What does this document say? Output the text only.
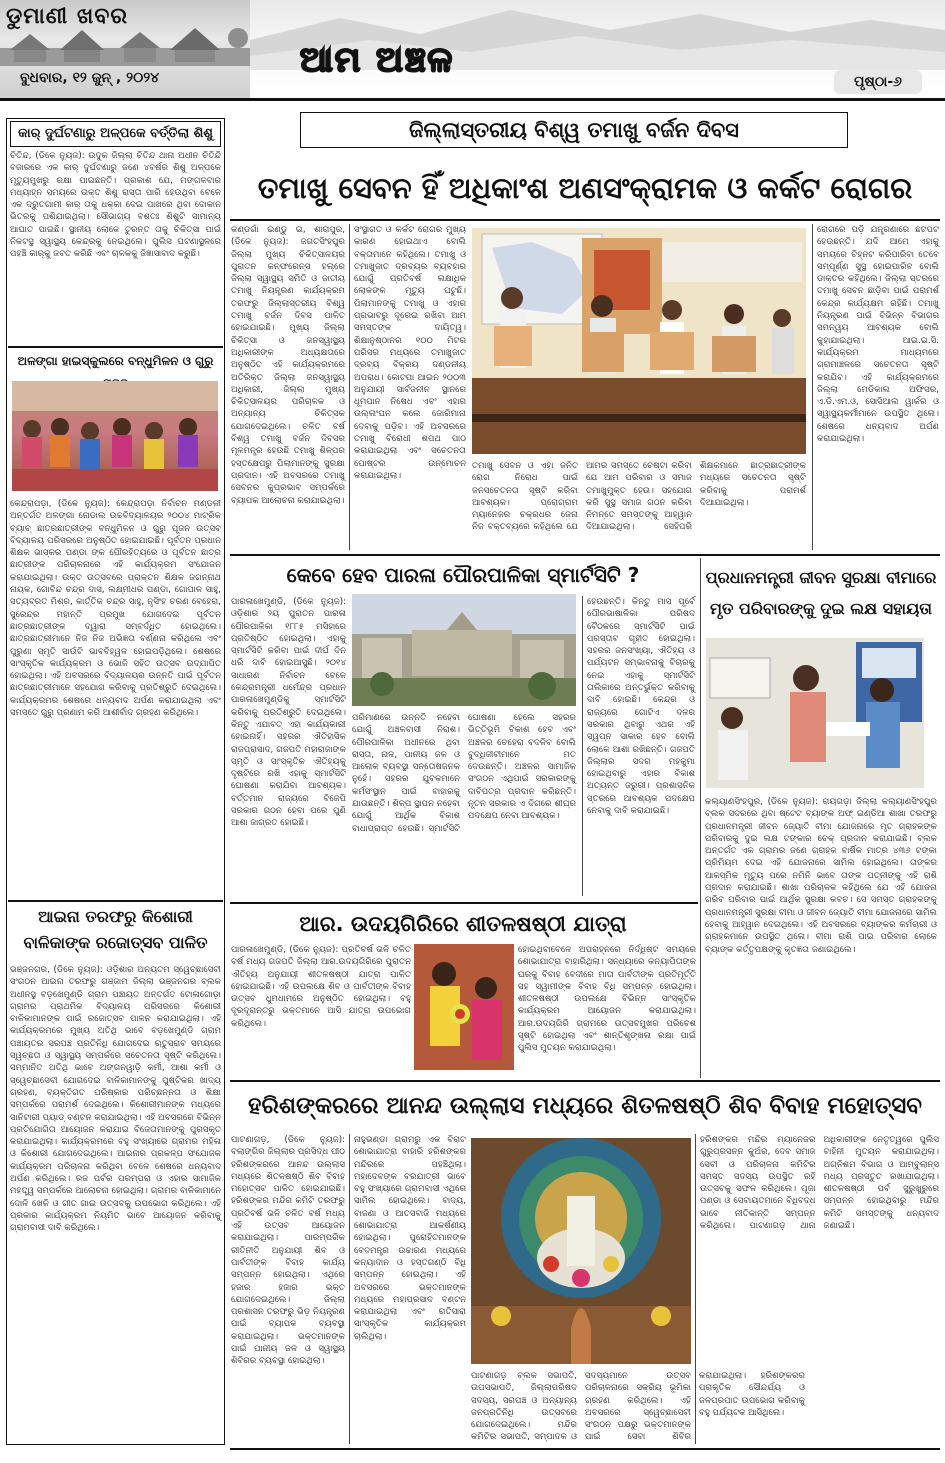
ଡୁମାଣୀ ଖବର
ବୁଧବାର, ୧୨ ଜୁନ୍ , ୨୦୨୪	ଆମ ଅଞ୍ଚଳ
ପୃଷ୍ଠା-୬
କାର୍ ଦୁର୍ଘଟଣାରୁ ଅଳ୍ପକେ ବର୍ତ୍ତିଲା ଶିଶୁ
ଚିତିନ୍ଦ, (ଡିକେ ନ୍ୟୁଜ): ଉଦୁକ ଜିଲ୍ଲା ଚିତିନ୍ଦ ଥାନା ଅଧୀନ ଚିତିନ୍ଦି ବଜାରରେ ଏକ କାର୍ ଦୁର୍ଘଟଣାରୁ ଜଣେ ୪ବର୍ଷର ଶିଶୁ ଅଳ୍ପକେ ମୃତ୍ୟୁମୁଖରୁ ରକ୍ଷା ପାଇଛନ୍ତି। ପ୍ରକାଶ ଯେ, ମଙ୍ଗଳବାର ମଧ୍ୟାହ୍ନ ସମୟରେ ଉକ୍ତ ଶିଶୁ ରାସ୍ତା ପାରି ହେଉଥିବା ବେଳେ ଏକ ଦ୍ରୁତଗାମୀ କାର୍ ତାକୁ ଧକ୍କା ଦେଇ ପାଖରେ ଥିବା ଦୋକାନ ଭିତରକୁ ପଶିଯାଇଥିଲା। ସୌଭାଗ୍ୟ ବଶତଃ ଶିଶୁଟି ସାମାନ୍ୟ ଆଘାତ ପାଇଛି। ସ୍ଥାନୀୟ ଲୋକେ ତୁରନ୍ତ ତାକୁ ଚିକିତ୍ସା ପାଇଁ ନିକଟସ୍ଥ ସ୍ୱାସ୍ଥ୍ୟ କେନ୍ଦ୍ରକୁ ନେଇଥିଲେ। ପୁଲିସ ଘଟଣାସ୍ଥଳରେ ପହଞ୍ଚି କାର୍‌କୁ ଜବତ କରିଛି ଏବଂ ଚାଳକକୁ ଜିଜ୍ଞାସାବାଦ କରୁଛି।
ଅଳଙ୍ଗା ହାଇସ୍କୁଲରେ ବନ୍ଧୁମିଳନ ଓ ଗୁରୁ
କେନ୍ଦ୍ରାପଡ଼ା, (ଡିକେ ନ୍ୟୁଜ): କେନ୍ଦ୍ରାପଡ଼ା ନିର୍ବାଚନ ମଣ୍ଡଳୀ ଅନ୍ତର୍ଗତ ଅଳଙ୍ଗା ନୋଡାଲ ଉଚ୍ଚବିଦ୍ୟାଳୟର ୨୦୦୪ ମାଟ୍ରିକ ବ୍ୟାଚ୍ ଛାତ୍ରଛାତ୍ରୀଙ୍କ ବନ୍ଧୁମିଳନ ଓ ଗୁରୁ ପୂଜନ ଉତ୍ସବ ବିଦ୍ୟାଳୟ ପରିସରରେ ଅନୁଷ୍ଠିତ ହୋଇଯାଇଛି। ପୂର୍ବତନ ପ୍ରଧାନ ଶିକ୍ଷକ ଭାସ୍କର ପଣ୍ଡା ଙ୍କ ପୌରହିତ୍ୟରେ ଓ ପୂର୍ବତନ ଛାତ୍ର ଛାତ୍ରୀଙ୍କ ପରିଚାଳନାରେ ଏହି କାର୍ଯ୍ୟକ୍ରମ ସଂଯୋଜନ କରାଯାଇଥିଲା। ଉକ୍ତ ଉତ୍ସବରେ ପ୍ରାକ୍ତନ ଶିକ୍ଷକ ଜଗନ୍ନାଥ ନାୟକ, ଗୋବିନ୍ଦ ଚନ୍ଦ୍ର ଦାସ, ଲକ୍ଷ୍ମୀଧର ପଣ୍ଡା, ଗୋପାଳ ସାହୁ, ସତ୍ୟବ୍ରତ ମିଶ୍ର, କାର୍ତ୍ତିକ ଚନ୍ଦ୍ର ସାହୁ, ନୃସିଂହ ଚରଣ ବେହେରା, ସୁରେନ୍ଦ୍ର ମହାନ୍ତି ପ୍ରମୁଖ ଯୋଗଦେଇ ପୂର୍ବତନ ଛାତ୍ରଛାତ୍ରୀଙ୍କ ଦ୍ୱାରା ସମ୍ବର୍ଦ୍ଧିତ ହୋଇଥିଲେ। ଛାତ୍ରଛାତ୍ରୀମାନେ ନିଜ ନିଜ ଅଭିଜ୍ଞତା ବର୍ଣ୍ଣନା କରିଥିଲେ ଏବଂ ପୁରୁଣା ସ୍ମୃତି ସାଉଁଟି ଭାବବିହ୍ୱଳ ହୋଇପଡ଼ିଥିଲେ। ଶେଷରେ ସାଂସ୍କୃତିକ କାର୍ଯ୍ୟକ୍ରମ ଓ ଭୋଜି ସହିତ ଉତ୍ସବ ଉଦ୍‌ଯାପିତ ହୋଇଥିଲା। ଏହି ଅବସରରେ ବିଦ୍ୟାଳୟର ଉନ୍ନତି ପାଇଁ ପୂର୍ବତନ ଛାତ୍ରଛାତ୍ରୀମାନେ ସହଯୋଗ କରିବାକୁ ପ୍ରତିଶ୍ରୁତି ଦେଇଥିଲେ। କାର୍ଯ୍ୟକ୍ରମର ଶେଷରେ ଧନ୍ୟବାଦ ଅର୍ପଣ କରାଯାଇଥିଲା ଏବଂ ସମସ୍ତେ ଗୁରୁ ପ୍ରଣାମ କରି ଆଶୀର୍ବାଦ ଗ୍ରହଣ କରିଥିଲେ।
ଆଇନା ତରଫରୁ କିଶୋରୀ ବାଳିକାଙ୍କ ରଜୋତ୍ସବ ପାଳିତ
ଭଞ୍ଜନଗର, (ଡିକେ ନ୍ୟୁଜ): ଓଡ଼ିଶାର ଅନ୍ୟତମ ସ୍ୱେଚ୍ଛାସେବୀ ସଂଗଠନ ଆଇନା ତରଫରୁ ଗଞ୍ଜାମ ଜିଲ୍ଲା ଭଞ୍ଜନଗର ବ୍ଲକ ଅଧୀନସ୍ଥ ବଡ଼ଖେମୁଣ୍ଡି ଗ୍ରାମ ପଞ୍ଚାୟତ ଅନ୍ତର୍ଗତ ଟୋଳାଗୋଡ଼ା ଗ୍ରାମର ପ୍ରାଥମିକ ବିଦ୍ୟାଳୟ ପରିସରରେ କିଶୋରୀ ବାଳିକାମାନଙ୍କ ପାଇଁ ରଜୋତ୍ସବ ପାଳନ କରାଯାଇଥିଲା। ଏହି କାର୍ଯ୍ୟକ୍ରମରେ ମୁଖ୍ୟ ଅତିଥି ଭାବେ ବଡ଼ଖେମୁଣ୍ଡି ଗ୍ରାମ ପଞ୍ଚାୟତର ସରପଞ୍ଚ ପ୍ରତିନିଧି ଯୋଗଦେଇ ଋତୁସ୍ରାବ ସମୟରେ ସ୍ୱଚ୍ଛତା ଓ ସ୍ୱାସ୍ଥ୍ୟ ସମ୍ପର୍କରେ ସଚେତନତା ସୃଷ୍ଟି କରିଥିଲେ। ସମ୍ମାନିତ ଅତିଥି ଭାବେ ଅଙ୍ଗନୱାଡ଼ି କର୍ମୀ, ଆଶା କର୍ମୀ ଓ ସ୍ୱେଚ୍ଛାସେବୀ ଯୋଗଦେଇ ବାଳିକାମାନଙ୍କୁ ପୁଷ୍ଟିକର ଖାଦ୍ୟ ଗ୍ରହଣ, ବ୍ୟକ୍ତିଗତ ପରିଷ୍କାର ପରିଚ୍ଛନ୍ନତା ଓ ଶିକ୍ଷା ସମ୍ପର୍କରେ ପରାମର୍ଶ ଦେଇଥିଲେ। କିଶୋରୀମାନଙ୍କ ମଧ୍ୟରେ ସାନିଟାରୀ ପ୍ୟାଡ୍ ବଣ୍ଟନ କରାଯାଇଥିଲା। ଏହି ଅବସରରେ ବିଭିନ୍ନ ପ୍ରତିଯୋଗିତା ଆୟୋଜନ କରାଯାଇ ବିଜେତାମାନଙ୍କୁ ପୁରସ୍କୃତ କରାଯାଇଥିଲା। କାର୍ଯ୍ୟକ୍ରମରେ ବହୁ ସଂଖ୍ୟାରେ ଗ୍ରାମର ମହିଳା ଓ କିଶୋରୀ ଯୋଗଦେଇଥିଲେ। ଆଇନାର ପ୍ରକଳ୍ପ ସଂଯୋଜକ କାର୍ଯ୍ୟକ୍ରମ ପରିଚାଳନା କରିଥିବା ବେଳେ ଶେଷରେ ଧନ୍ୟବାଦ ଅର୍ପଣ କରିଥିଲେ। ରଜ ପର୍ବର ପରମ୍ପରା ଓ ଏହାର ସାମାଜିକ ମହତ୍ତ୍ୱ ସମ୍ପର୍କରେ ଆଲୋଚନା ହୋଇଥିଲା। ଗ୍ରାମର ବାଳିକାମାନେ ଦୋଳି ଖେଳି ଓ ଗୀତ ଗାଇ ଉତ୍ସବକୁ ଉପଭୋଗ କରିଥିଲେ। ଏହି ପ୍ରକାର କାର୍ଯ୍ୟକ୍ରମ ନିୟମିତ ଭାବେ ଆୟୋଜନ କରିବାକୁ ଗ୍ରାମବାସୀ ଦାବି କରିଥିଲେ।
ଜିଲ୍ଲାସ୍ତରୀୟ ବିଶ୍ୱ ତମାଖୁ ବର୍ଜନ ଦିବସ
ତମାଖୁ ସେବନ ହିଁ ଅଧିକାଂଶ ଅଣସଂକ୍ରାମକ ଓ କର୍କଟ ରୋଗର
କଣ୍ଡଗାଁ ଇଣ୍ଡୁ ଇ, ଶାରାପୁର, (ଡିକେ ନ୍ୟୁଜ): ଜଗତସିଂହପୁର ଜିଲ୍ଲା ମୁଖ୍ୟ ଚିକିତ୍ସାଳୟର ପୁରାତନ କନ୍‌ଫରେନ୍ସ ହଲ୍‌ରେ ଜିଲ୍ଲା ସ୍ୱାସ୍ଥ୍ୟ ସମିତି ଓ ଜାତୀୟ ତମାଖୁ ନିୟନ୍ତ୍ରଣ କାର୍ଯ୍ୟକ୍ରମ ତରଫରୁ ଜିଲ୍ଲାସ୍ତରୀୟ ବିଶ୍ୱ ତମାଖୁ ବର୍ଜନ ଦିବସ ପାଳିତ ହୋଇଯାଇଛି। ମୁଖ୍ୟ ଜିଲ୍ଲା ଚିକିତ୍ସା ଓ ଜନସ୍ୱାସ୍ଥ୍ୟ ଅଧିକାରୀଙ୍କ ଅଧ୍ୟକ୍ଷତାରେ ଅନୁଷ୍ଠିତ ଏହି କାର୍ଯ୍ୟକ୍ରମରେ ଅତିରିକ୍ତ ଜିଲ୍ଲା ଜନସ୍ୱାସ୍ଥ୍ୟ ଅଧିକାରୀ, ଜିଲ୍ଲା ମୁଖ୍ୟ ଚିକିତ୍ସାଳୟର ପରିଚାଳକ ଓ ଅନ୍ୟାନ୍ୟ ଚିକିତ୍ସକ ଯୋଗଦେଇଥିଲେ। ଚଳିତ ବର୍ଷ ବିଶ୍ୱ ତମାଖୁ ବର୍ଜନ ଦିବସର ମୂଳମନ୍ତ୍ର ହେଉଛି ତମାଖୁ ଶିଳ୍ପର ହସ୍ତକ୍ଷେପରୁ ପିଲାମାନଙ୍କୁ ସୁରକ୍ଷା ପ୍ରଦାନ। ଏହି ଅବସରରେ ତମାଖୁ ସେବନର କୁପ୍ରଭାବ ସମ୍ପର୍କରେ ବ୍ୟାପକ ଆଲୋଚନା କରାଯାଇଥିଲା।
ସଂସ୍ଥାଗତ ଓ କର୍କଟ ରୋଗର ମୁଖ୍ୟ କାରଣ ହୋଇଥାଏ ବୋଲି ବକ୍ତାମାନେ କହିଥିଲେ। ତମାଖୁ ଓ ତମାଖୁଜାତ ଦ୍ରବ୍ୟର ବ୍ୟବହାର ଯୋଗୁଁ ପ୍ରତିବର୍ଷ ଲକ୍ଷାଧିକ ଲୋକଙ୍କ ମୃତ୍ୟୁ ଘଟୁଛି। ପିଲାମାନଙ୍କୁ ତମାଖୁ ଓ ଏହାର ପ୍ରଭାବରୁ ଦୂରେଇ ରଖିବା ଆମ ସମସ୍ତଙ୍କ ଦାୟିତ୍ୱ। ଶିକ୍ଷାନୁଷ୍ଠାନର ୧୦୦ ମିଟର ପରିସର ମଧ୍ୟରେ ତମାଖୁଜାତ ଦ୍ରବ୍ୟ ବିକ୍ରୟ ଦଣ୍ଡନୀୟ ଅପରାଧ। କୋଟପା ଆଇନ ୨୦୦୩ ଅନୁଯାୟୀ ସାର୍ବଜନୀନ ସ୍ଥାନରେ ଧୂମପାନ ନିଷେଧ ଏବଂ ଏହାର ଉଲ୍ଲଂଘନ କଲେ ଜୋରିମାନା ଦେବାକୁ ପଡ଼ିବ। ଏହି ଅବସରରେ ତମାଖୁ ବିରୋଧୀ ଶପଥ ପାଠ କରାଯାଇଥିଲା ଏବଂ ସଚେତନତା ପୋଷ୍ଟର ଉନ୍ମୋଚନ କରାଯାଇଥିଲା।
ରୋଗରେ ପଡ଼ି ଯନ୍ତ୍ରଣାରେ ଛଟପଟ ହେଉଛନ୍ତି। ଯଦି ଆମେ ଏହାକୁ ସମୟରେ ଚିହ୍ନଟ କରିପାରିବା ତେବେ ସମ୍ପୂର୍ଣ୍ଣ ସୁସ୍ଥ ହୋଇପାରିବ ବୋଲି ଡାକ୍ତର କହିଥିଲେ। ଜିଲ୍ଲା ସ୍ତରରେ ତମାଖୁ ସେବନ ଛାଡ଼ିବା ପାଇଁ ପରାମର୍ଶ କେନ୍ଦ୍ର କାର୍ଯ୍ୟକ୍ଷମ ରହିଛି। ତମାଖୁ ନିୟନ୍ତ୍ରଣ ପାଇଁ ବିଭିନ୍ନ ବିଭାଗର ସମନ୍ୱୟ ଆବଶ୍ୟକ ବୋଲି କୁହାଯାଇଥିଲା। ଆଇ.ଇ.ସି. କାର୍ଯ୍ୟକ୍ରମ ମାଧ୍ୟମରେ ଗ୍ରାମାଞ୍ଚଳରେ ସଚେତନତା ସୃଷ୍ଟି କରାଯିବ। ଏହି କାର୍ଯ୍ୟକ୍ରମରେ ଜିଲ୍ଲା ମେଡିକାଲ ଅଫିସର, ଏ.ଡି.ଏମ.ଓ, ସୋସିଆଲ ୱାର୍କର ଓ ସ୍ୱାସ୍ଥ୍ୟକର୍ମୀମାନେ ଉପସ୍ଥିତ ଥିଲେ। ଶେଷରେ ଧନ୍ୟବାଦ ଅର୍ପଣ କରାଯାଇଥିଲା।
ତମାଖୁ ସେବନ ଓ ଏହା ଜନିତ ରୋଗ ନିରୋଧ ପାଇଁ ଜନସଚେତନତା ସୃଷ୍ଟି କରିବା ଆବଶ୍ୟକ। ପ୍ରୋଗ୍ରାମ ମ୍ୟାନେଜର ଚକ୍ରଧର ଜେନା ନିଜ ବକ୍ତବ୍ୟରେ କହିଥିଲେ ଯେ ଆମର ସମସ୍ତେ ଚେଷ୍ଟା କରିବା ଯେ ଆମ ପରିବାର ଓ ସମାଜ ତମାଖୁମୁକ୍ତ ହେଉ। ସହଯୋଗ କରି ସୁସ୍ଥ ସମାଜ ଗଠନ କରିବା ନିମନ୍ତେ ସମସ୍ତଙ୍କୁ ଆହ୍ୱାନ ଦିଆଯାଇଥିଲା। ସେହିପରି ଶିକ୍ଷକମାନେ ଛାତ୍ରଛାତ୍ରୀଙ୍କ ମଧ୍ୟରେ ସଚେତନତା ସୃଷ୍ଟି କରିବାକୁ ପରାମର୍ଶ ଦିଆଯାଇଥିଲା।
କେବେ ହେବ ପାରଳା ପୌରପାଳିକା ସ୍ମାର୍ଟସିଟି ?
ପାରଳାଖେମୁଣ୍ଡି, (ଡିକେ ନ୍ୟୁଜ): ଓଡ଼ିଶାର ୨ୟ ପୁରାତନ ପାରଳା ପୌରପାଳିକା ୧୮୮୫ ମସିହାରେ ପ୍ରତିଷ୍ଠିତ ହୋଇଥିଲା। ଏହାକୁ ସ୍ମାର୍ଟସିଟି କରିବା ପାଇଁ ଦୀର୍ଘ ଦିନ ଧରି ଦାବି ହୋଇଆସୁଛି। ୨୦୧୪ ସାଧାରଣ ନିର୍ବାଚନ ବେଳେ କେନ୍ଦ୍ରମନ୍ତ୍ରୀ ଧର୍ମେନ୍ଦ୍ର ପ୍ରଧାନ ପାରଳାଖେମୁଣ୍ଡିକୁ ସ୍ମାର୍ଟସିଟି କରିବାକୁ ପ୍ରତିଶ୍ରୁତି ଦେଇଥିଲେ। କିନ୍ତୁ ଏଯାବତ୍ ଏହା କାର୍ଯ୍ୟକାରୀ ହୋଇନାହିଁ। ସହରର ଐତିହାସିକ ରାଜପ୍ରାସାଦ, ଗଜପତି ମହାରାଜାଙ୍କ ସ୍ମୃତି ଓ ସାଂସ୍କୃତିକ ଐତିହ୍ୟକୁ ଦୃଷ୍ଟିରେ ରଖି ଏହାକୁ ସ୍ମାର୍ଟସିଟି ଘୋଷଣା କରାଯିବା ଆବଶ୍ୟକ। ବର୍ତ୍ତମାନ ରାଜ୍ୟରେ ବିଜେପି ସରକାର ଗଠନ ହେବା ପରେ ପୁଣି ଆଶା ଜାଗ୍ରତ ହୋଇଛି।
ପରିମାଣରେ ଉନ୍ନତି ନହେବା ଯୋଗୁଁ ଅଞ୍ଚଳବାସୀ ନିରାଶ। ପୌରପାଳିକା ଅଧୀନରେ ଥିବା ରାସ୍ତା, ନାଳ, ପାନୀୟ ଜଳ ଓ ଆଲୋକ ବ୍ୟବସ୍ଥା ସନ୍ତୋଷଜନକ ନୁହେଁ। ସହରର ଯୁବକମାନେ କର୍ମସଂସ୍ଥାନ ପାଇଁ ବାହାରକୁ ଯାଉଛନ୍ତି। ଶିଳ୍ପ ସ୍ଥାପନ ନହେବା ଯୋଗୁଁ ଆର୍ଥିକ ବିକାଶ ବାଧାପ୍ରାପ୍ତ ହେଉଛି। ସ୍ମାର୍ଟସିଟି ଘୋଷଣା ହେଲେ ସହରର ଭିତ୍ତିଭୂମି ବିକାଶ ହେବ ଏବଂ ଅଞ୍ଚଳର ଚେହେରା ବଦଳିବ ବୋଲି ବୁଦ୍ଧିଜୀବୀମାନେ ମତ ଦେଉଛନ୍ତି। ଅଞ୍ଚଳର ସାମାଜିକ ସଂଗଠନ ଏଥିପାଇଁ ସରକାରଙ୍କୁ ଦାବିପତ୍ର ପ୍ରଦାନ କରିଛନ୍ତି। ନୂତନ ସରକାର ଏ ଦିଗରେ ଶୀଘ୍ର ପଦକ୍ଷେପ ନେବା ଆବଶ୍ୟକ।
ହେଉଛନ୍ତି। କିନ୍ତୁ ମାସ ପୂର୍ବେ ପୌରଭାଷାଳିକା ପରିଷଦ ବୈଠକରେ ସ୍ମାର୍ଟସିଟି ପାଇଁ ପ୍ରସ୍ତାବ ଗୃହୀତ ହୋଇଥିଲା। ସହରର ଜନସଂଖ୍ୟା, ଐତିହ୍ୟ ଓ ପର୍ଯ୍ୟଟନ ସମ୍ଭାବନାକୁ ବିଚାରକୁ ନେଇ ଏହାକୁ ସ୍ମାର୍ଟସିଟି ତାଲିକାରେ ଅନ୍ତର୍ଭୁକ୍ତ କରିବାକୁ ଦାବି ହୋଇଛି। କେନ୍ଦ୍ର ଓ ରାଜ୍ୟରେ ଗୋଟିଏ ଦଳର ସରକାର ଥିବାରୁ ଏଥର ଏହି ସ୍ୱପ୍ନ ସାକାର ହେବ ବୋଲି ଲୋକେ ଆଶା ରଖିଛନ୍ତି। ଗଜପତି ଜିଲ୍ଲାର ସଦର ମହକୁମା ହୋଇଥିବାରୁ ଏହାର ବିକାଶ ଅତ୍ୟନ୍ତ ଜରୁରୀ। ପ୍ରଶାସନିକ ସ୍ତରରେ ଆବଶ୍ୟକ ପଦକ୍ଷେପ ନେବାକୁ ଦାବି କରାଯାଇଛି।
ପ୍ରଧାନମନ୍ତ୍ରୀ ଜୀବନ ସୁରକ୍ଷା ବୀମାରେ ମୃତ ପରିବାରଙ୍କୁ ଦୁଇ ଲକ୍ଷ ସହାୟତା
କଲ୍ୟାଣସିଂହପୁର, (ଡିକେ ନ୍ୟୁଜ): ରାୟଗଡ଼ା ଜିଲ୍ଲା କଲ୍ୟାଣସିଂହପୁର ବ୍ଲକ ସଦରରେ ଥିବା ଷ୍ଟେଟ ବ୍ୟାଙ୍କ ଅଫ୍ ଇଣ୍ଡିଆ ଶାଖା ତରଫରୁ ପ୍ରଧାନମନ୍ତ୍ରୀ ଜୀବନ ଜ୍ୟୋତି ବୀମା ଯୋଜନାରେ ମୃତ ଗ୍ରାହକଙ୍କ ପରିବାରକୁ ଦୁଇ ଲକ୍ଷ ଟଙ୍କାର ଚେକ୍ ପ୍ରଦାନ କରାଯାଇଛି। ବ୍ଲକ ଅନ୍ତର୍ଗତ ଏକ ଗ୍ରାମର ଜଣେ ଗ୍ରାହକ ବାର୍ଷିକ ମାତ୍ର ୪୩୬ ଟଙ୍କା ପ୍ରିମିୟମ ଦେଇ ଏହି ଯୋଜନାରେ ସାମିଲ ହୋଇଥିଲେ। ତାଙ୍କର ଆକସ୍ମିକ ମୃତ୍ୟୁ ପରେ ନମିନି ଭାବେ ତାଙ୍କ ପତ୍ନୀଙ୍କୁ ଏହି ରାଶି ପ୍ରଦାନ କରାଯାଇଛି। ଶାଖା ପରିଚାଳକ କହିଥିଲେ ଯେ ଏହି ଯୋଜନା ଗରିବ ପରିବାର ପାଇଁ ଆର୍ଥିକ ସୁରକ୍ଷା କବଚ। ସେ ସମସ୍ତ ଗ୍ରାହକଙ୍କୁ ପ୍ରଧାନମନ୍ତ୍ରୀ ସୁରକ୍ଷା ବୀମା ଓ ଜୀବନ ଜ୍ୟୋତି ବୀମା ଯୋଜନାରେ ସାମିଲ ହେବାକୁ ଆହ୍ୱାନ ଦେଇଥିଲେ। ଏହି ଅବସରରେ ବ୍ୟାଙ୍କର କର୍ମଚାରୀ ଓ ଗ୍ରାହକମାନେ ଉପସ୍ଥିତ ଥିଲେ। ବୀମା ରାଶି ପାଇ ପରିବାର ଲୋକେ ବ୍ୟାଙ୍କ କର୍ତ୍ତୃପକ୍ଷଙ୍କୁ କୃତଜ୍ଞତା ଜଣାଇଥିଲେ।
ଆର. ଉଦୟଗିରିରେ ଶୀତଳଷଷ୍ଠୀ ଯାତ୍ରା
ପାରଳାଖେମୁଣ୍ଡି, (ଡିକେ ନ୍ୟୁଜ): ପ୍ରତିବର୍ଷ ଭଳି ଚଳିତ ବର୍ଷ ମଧ୍ୟ ଗଜପତି ଜିଲ୍ଲା ଆର.ଉଦୟଗିରିରେ ପୁରାତନ ଐତିହ୍ୟ ଅନୁଯାୟୀ ଶୀତଳଷଷ୍ଠୀ ଯାତ୍ରା ପାଳିତ ହୋଇଯାଇଛି। ଏହି ଉପଲକ୍ଷେ ଶିବ ଓ ପାର୍ବତୀଙ୍କ ବିବାହ ଉତ୍ସବ ଧୁମଧାମରେ ଅନୁଷ୍ଠିତ ହୋଇଥିଲା। ବହୁ ଦୂରଦୂରାନ୍ତରୁ ଭକ୍ତମାନେ ଆସି ଯାତ୍ରା ଉପଭୋଗ କରିଥିଲେ।
ହୋଇଥିବାବେଳେ ଅପରାହ୍ନରେ ନିର୍ଦ୍ଧିଷ୍ଟ ସମୟରେ ଶୋଭାଯାତ୍ରା ବାହାରିଥିଲା। ସନ୍ଧ୍ୟାରେ କନ୍ୟାପିତାଙ୍କ ଘରକୁ ବିବାହ ବେଦୀରେ ମାତା ପାର୍ବତୀଙ୍କ ପ୍ରତିମୂର୍ତ୍ତି ସହ ସ୍ୱାମୀଙ୍କ ବିବାହ ବିଧି ସମ୍ପନ୍ନ ହୋଇଥିଲା। ଶୀତଳଷଷ୍ଠୀ ଉପଲକ୍ଷେ ବିଭିନ୍ନ ସାଂସ୍କୃତିକ କାର୍ଯ୍ୟକ୍ରମ ଆୟୋଜନ କରାଯାଇଥିଲା। ଆର.ଉଦୟଗିରି ଗ୍ରାମରେ ଉତ୍ସବମୁଖର ପରିବେଶ ସୃଷ୍ଟି ହୋଇଥିଲା ଏବଂ ଶାନ୍ତିଶୃଙ୍ଖଳା ରକ୍ଷା ପାଇଁ ପୁଲିସ ମୁତୟନ କରାଯାଇଥିଲା।
ହରିଶଙ୍କରରେ ଆନନ୍ଦ ଉଲ୍ଲାସ ମଧ୍ୟରେ ଶିତଳଷଷ୍ଠି ଶିବ ବିବାହ ମହୋତ୍ସବ
ପାଟଣାଗଡ଼, (ଡିକେ ନ୍ୟୁଜ): ବଲାଙ୍ଗିର ଜିଲ୍ଲାର ପ୍ରସିଦ୍ଧ ପୀଠ ହରିଶଙ୍କରରେ ଆନନ୍ଦ ଉଲ୍ଲାସ ମଧ୍ୟରେ ଶିତଳଷଷ୍ଠି ଶିବ ବିବାହ ମହୋତ୍ସବ ପାଳିତ ହୋଇଯାଇଛି। ହରିଶଙ୍କର ମନ୍ଦିର କମିଟି ତରଫରୁ ପ୍ରତିବର୍ଷ ଭଳି ଚଳିତ ବର୍ଷ ମଧ୍ୟ ଏହି ଉତ୍ସବ ଆୟୋଜନ କରାଯାଇଥିଲା। ପାରମ୍ପରିକ ରୀତିନୀତି ଅନୁଯାୟୀ ଶିବ ଓ ପାର୍ବତୀଙ୍କ ବିବାହ କାର୍ଯ୍ୟ ସମ୍ପନ୍ନ ହୋଇଥିଲା। ଏଥିରେ ହଜାର ହଜାର ଭକ୍ତ ଯୋଗଦେଇଥିଲେ। ଜିଲ୍ଲା ପ୍ରଶାସନ ତରଫରୁ ଭିଡ଼ ନିୟନ୍ତ୍ରଣ ପାଇଁ ବ୍ୟାପକ ବ୍ୟବସ୍ଥା କରାଯାଇଥିଲା। ଭକ୍ତମାନଙ୍କ ପାଇଁ ପାନୀୟ ଜଳ ଓ ସ୍ୱାସ୍ଥ୍ୟ ଶିବିରର ବ୍ୟବସ୍ଥା ହୋଇଥିଲା।
ନାହୁଭଣ୍ଡା ଗ୍ରାମରୁ ଏକ ବିରାଟ ଶୋଭାଯାତ୍ରା ବାହାରି ହରିଶଙ୍କର ମନ୍ଦିରରେ ପହଞ୍ଚିଥିଲା। ମହାଦେବଙ୍କ ବରଯାତ୍ରୀ ଭାବେ ବହୁ ସଂଖ୍ୟାରେ ଗ୍ରାମବାସୀ ଏଥିରେ ସାମିଲ ହୋଇଥିଲେ। ବାଦ୍ୟ, ବାଜଣା ଓ ଆତସବାଜି ମଧ୍ୟରେ ଶୋଭାଯାତ୍ରା ଆକର୍ଷଣୀୟ ହୋଇଥିଲା। ପୁରୋହିତମାନଙ୍କ ବେଦମନ୍ତ୍ର ଉଚ୍ଚାରଣ ମଧ୍ୟରେ କନ୍ୟାଦାନ ଓ ହସ୍ତଗଣ୍ଠି ବିଧି ସମ୍ପନ୍ନ ହୋଇଥିଲା। ଏହି ଅବସରରେ ଭକ୍ତମାନଙ୍କ ମଧ୍ୟରେ ମହାପ୍ରସାଦ ବଣ୍ଟନ କରାଯାଇଥିଲା ଏବଂ ରାତିସାରା ସାଂସ୍କୃତିକ କାର୍ଯ୍ୟକ୍ରମ ଚାଲିଥିଲା।
ପାଟଣାଗଡ଼ ବ୍ଲକ ସଭାପତି, ଉପସଭାପତି, ଜିଲ୍ଲାପରିଷଦ ସଦସ୍ୟ, ସରପଞ୍ଚ ଓ ଅନ୍ୟାନ୍ୟ ଜନପ୍ରତିନିଧି ଉତ୍ସବରେ ଯୋଗଦେଇଥିଲେ। ମନ୍ଦିର କମିଟିର ସଭାପତି, ସମ୍ପାଦକ ଓ ସଦସ୍ୟମାନେ ଉତ୍ସବ ପରିଚାଳନାରେ ସକ୍ରିୟ ଭୂମିକା ଗ୍ରହଣ କରିଥିଲେ। ଏହି ଅବସରରେ ସ୍ୱେଚ୍ଛାସେବୀ ସଂଗଠନ ପକ୍ଷରୁ ଭକ୍ତମାନଙ୍କ ପାଇଁ ସେବା ଶିବିର କରାଯାଇଥିଲା। ହରିଶଙ୍କରର ପ୍ରାକୃତିକ ସୌନ୍ଦର୍ଯ୍ୟ ଓ ଜଳପ୍ରପାତ ଉପଭୋଗ କରିବାକୁ ବହୁ ପର୍ଯ୍ୟଟକ ଆସିଥିଲେ।
ହରିଶଙ୍କର ମନ୍ଦିର ମ୍ୟାନେଜର ଗୁରୁପ୍ରସନ୍ନ କୁଅଁର, ଦେବ ସମାଜ ସେବୀ ଓ ପରିଚାଳନା କମିଟିର ସମସ୍ତ ସଦସ୍ୟ ଉପସ୍ଥିତ ରହି ଉତ୍ସବକୁ ସଫଳ କରିଥିଲେ। ପୂଜା ପଣ୍ଡା ଓ ସେବାୟତମାନେ ବିଧିବଦ୍ଧ ଭାବେ ନୀତିକାନ୍ତି ସମ୍ପନ୍ନ କରିଥିଲେ। ପାଟଣାଗଡ଼ ଥାନା ଅଧିକାରୀଙ୍କ ନେତୃତ୍ୱରେ ପୁଲିସ ବାହିନୀ ମୁତୟନ କରାଯାଇଥିଲା। ଅଗ୍ନିଶମ ବିଭାଗ ଓ ଆମ୍ବୁଲାନ୍ସ ମଧ୍ୟ ପ୍ରସ୍ତୁତ ରଖାଯାଇଥିଲା। ଶୀତଳଷଷ୍ଠୀ ପର୍ବ ସୁରୁଖୁରୁରେ ସମ୍ପନ୍ନ ହୋଇଥିବାରୁ ମନ୍ଦିର କମିଟି ସମସ୍ତଙ୍କୁ ଧନ୍ୟବାଦ ଜଣାଇଛି।
